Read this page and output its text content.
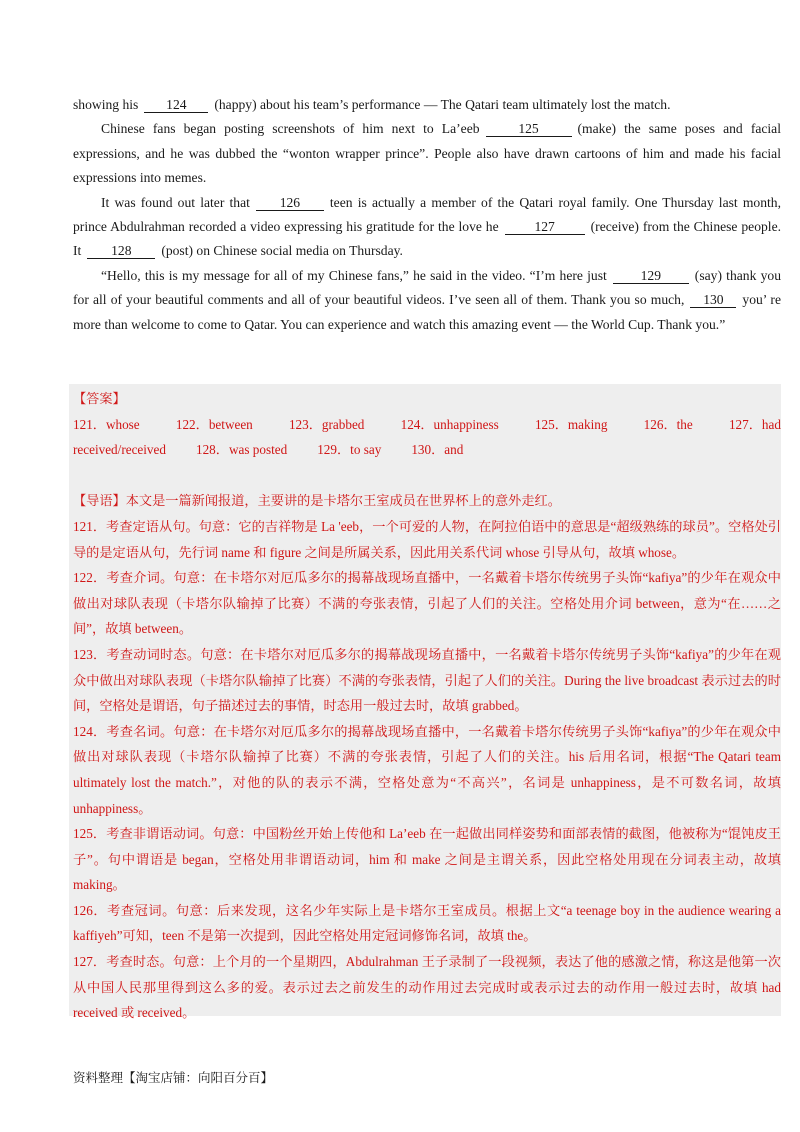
showing his 124 (happy) about his team’s performance — The Qatari team ultimately lost the match.

Chinese fans began posting screenshots of him next to La’eeb	125	(make) the same poses and facial expressions, and he was dubbed the “wonton wrapper prince”. People also have drawn cartoons of him and made his facial expressions into memes.

It was found out later that 126 teen is actually a member of the Qatari royal family. One Thursday last month, prince Abdulrahman recorded a video expressing his gratitude for the love he	127	(receive) from the Chinese people. It 128 (post) on Chinese social media on Thursday.

“Hello, this is my message for all of my Chinese fans,” he said in the video. “I’m here just 129 (say) thank you for all of your beautiful comments and all of your beautiful videos. I’ve seen all of them. Thank you so much, 130 you’ re more than welcome to come to Qatar. You can experience and watch this amazing event — the World Cup. Thank you.”

【答案】

121．whose	122．between	123．grabbed	124．unhappiness	125．making	126．the	127．had
received/received 128．was posted 129．to say 130．and

【导语】本文是一篇新闻报道，主要讲的是卡塔尔王室成员在世界杯上的意外走红。

121．考查定语从句。句意：它的吉祥物是 La 'eeb，一个可爱的人物，在阿拉伯语中的意思是“超级熟练的球员”。空格处引导的是定语从句，先行词 name 和 figure 之间是所属关系，因此用关系代词 whose 引导从句，故填 whose。

122．考查介词。句意：在卡塔尔对厄瓜多尔的揭幕战现场直播中，一名戴着卡塔尔传统男子头饰“kafiya”的少年在观众中做出对球队表现（卡塔尔队输掉了比赛）不满的夸张表情，引起了人们的关注。空格处用介词 between，意为“在……之间”，故填 between。

123．考查动词时态。句意：在卡塔尔对厄瓜多尔的揭幕战现场直播中，一名戴着卡塔尔传统男子头饰“kafiya”的少年在观众中做出对球队表现（卡塔尔队输掉了比赛）不满的夸张表情，引起了人们的关注。During the live broadcast 表示过去的时间，空格处是谓语，句子描述过去的事情，时态用一般过去时，故填 grabbed。

124．考查名词。句意：在卡塔尔对厄瓜多尔的揭幕战现场直播中，一名戴着卡塔尔传统男子头饰“kafiya”的少年在观众中做出对球队表现（卡塔尔队输掉了比赛）不满的夸张表情，引起了人们的关注。his 后用名词，根据“The Qatari team ultimately lost the match.”，对他的队的表示不满，空格处意为“不高兴”，名词是 unhappiness，是不可数名词，故填 unhappiness。

125．考查非谓语动词。句意：中国粉丝开始上传他和 La’eeb 在一起做出同样姿势和面部表情的截图，他被称为“馄饨皮王子”。句中谓语是 began，空格处用非谓语动词，him 和 make 之间是主谓关系，因此空格处用现在分词表主动，故填 making。

126．考查冠词。句意：后来发现，这名少年实际上是卡塔尔王室成员。根据上文“a teenage boy in the audience wearing a kaffiyeh”可知，teen 不是第一次提到，因此空格处用定冠词修饰名词，故填 the。

127．考查时态。句意：上个月的一个星期四，Abdulrahman 王子录制了一段视频，表达了他的感激之情，称这是他第一次从中国人民那里得到这么多的爱。表示过去之前发生的动作用过去完成时或表示过去的动作用一般过去时，故填 had received 或 received。

资料整理【淘宝店铺：向阳百分百】
